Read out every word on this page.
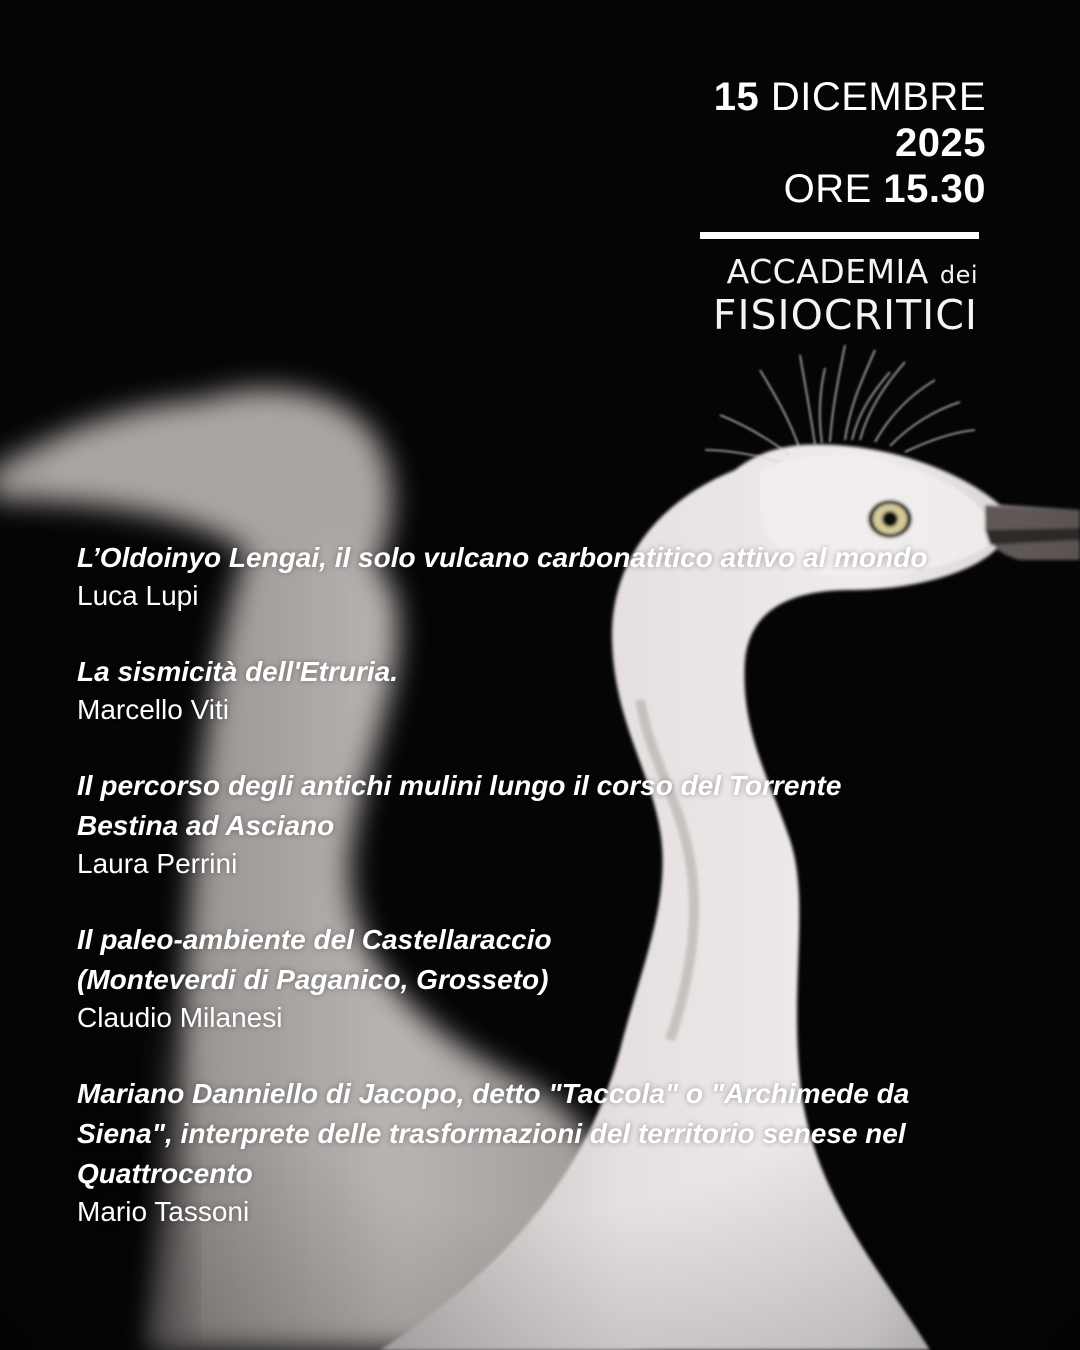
15 DICEMBRE
2025
ORE 15.30
ACCADEMIA dei
FISIOCRITICI
L’Oldoinyo Lengai, il solo vulcano carbonatitico attivo al mondo
Luca Lupi
La sismicità dell'Etruria.
Marcello Viti
Il percorso degli antichi mulini lungo il corso del Torrente Bestina ad Asciano
Laura Perrini
Il paleo-ambiente del Castellaraccio (Monteverdi di Paganico, Grosseto)
Claudio Milanesi
Mariano Danniello di Jacopo, detto "Taccola" o "Archimede da Siena", interprete delle trasformazioni del territorio senese nel Quattrocento
Mario Tassoni
